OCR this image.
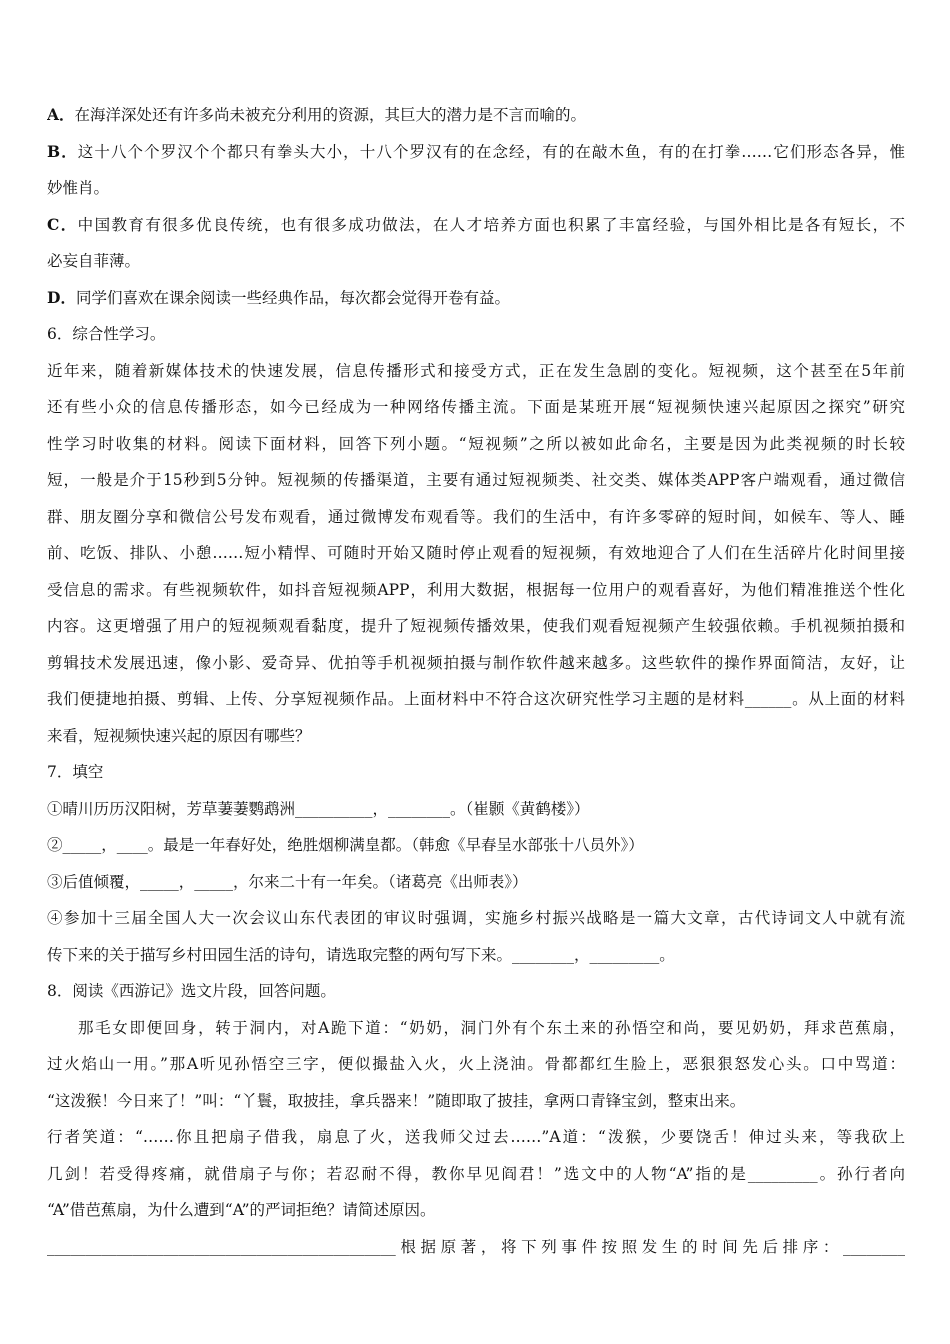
A．在海洋深处还有许多尚未被充分利用的资源，其巨大的潜力是不言而喻的。
B．这十八个个罗汉个个都只有拳头大小，十八个罗汉有的在念经，有的在敲木鱼，有的在打拳……它们形态各异，惟
妙惟肖。
C．中国教育有很多优良传统，也有很多成功做法，在人才培养方面也积累了丰富经验，与国外相比是各有短长，不
必妄自菲薄。
D．同学们喜欢在课余阅读一些经典作品，每次都会觉得开卷有益。
6．综合性学习。
近年来，随着新媒体技术的快速发展，信息传播形式和接受方式，正在发生急剧的变化。短视频，这个甚至在5年前
还有些小众的信息传播形态，如今已经成为一种网络传播主流。下面是某班开展“短视频快速兴起原因之探究”研究
性学习时收集的材料。阅读下面材料，回答下列小题。“短视频”之所以被如此命名，主要是因为此类视频的时长较
短，一般是介于15秒到5分钟。短视频的传播渠道，主要有通过短视频类、社交类、媒体类APP客户端观看，通过微信
群、朋友圈分享和微信公号发布观看，通过微博发布观看等。我们的生活中，有许多零碎的短时间，如候车、等人、睡
前、吃饭、排队、小憩……短小精悍、可随时开始又随时停止观看的短视频，有效地迎合了人们在生活碎片化时间里接
受信息的需求。有些视频软件，如抖音短视频APP，利用大数据，根据每一位用户的观看喜好，为他们精准推送个性化
内容。这更增强了用户的短视频观看黏度，提升了短视频传播效果，使我们观看短视频产生较强依赖。手机视频拍摄和
剪辑技术发展迅速，像小影、爱奇异、优拍等手机视频拍摄与制作软件越来越多。这些软件的操作界面简洁，友好，让
我们便捷地拍摄、剪辑、上传、分享短视频作品。上面材料中不符合这次研究性学习主题的是材料______。从上面的材料
来看，短视频快速兴起的原因有哪些？
7．填空
①晴川历历汉阳树，芳草萋萋鹦鹉洲__________，________。（崔颢《黄鹤楼》）
②_____，____。最是一年春好处，绝胜烟柳满皇都。（韩愈《早春呈水部张十八员外》）
③后值倾覆，_____，_____，尔来二十有一年矣。（诸葛亮《出师表》）
④参加十三届全国人大一次会议山东代表团的审议时强调，实施乡村振兴战略是一篇大文章，古代诗词文人中就有流
传下来的关于描写乡村田园生活的诗句，请选取完整的两句写下来。________，_________。
8．阅读《西游记》选文片段，回答问题。
那毛女即便回身，转于洞内，对A跪下道：“奶奶，洞门外有个东土来的孙悟空和尚，要见奶奶，拜求芭蕉扇，
过火焰山一用。”那A听见孙悟空三字，便似撮盐入火，火上浇油。骨都都红生脸上，恶狠狠怒发心头。口中骂道：
“这泼猴！今日来了！”叫：“丫鬟，取披挂，拿兵器来！”随即取了披挂，拿两口青锋宝剑，整束出来。
行者笑道：“……你且把扇子借我，扇息了火，送我师父过去……”A道：“泼猴，少要饶舌！伸过头来，等我砍上
几剑！若受得疼痛，就借扇子与你；若忍耐不得，教你早见阎君！”选文中的人物“A”指的是_________。孙行者向
“A”借芭蕉扇，为什么遭到“A”的严词拒绝？请简述原因。
_____________________________________________根据原著，将下列事件按照发生的时间先后排序：________
